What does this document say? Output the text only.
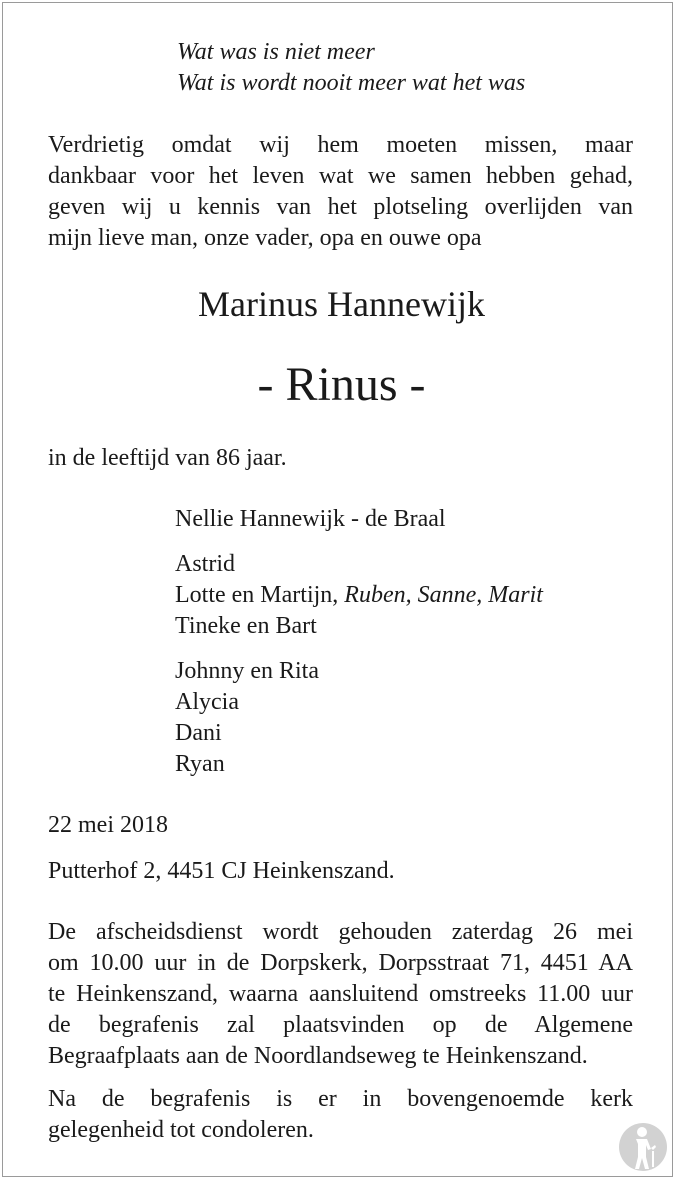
Wat was is niet meer
Wat is wordt nooit meer wat het was
Verdrietig omdat wij hem moeten missen, maar
dankbaar voor het leven wat we samen hebben gehad,
geven wij u kennis van het plotseling overlijden van
mijn lieve man, onze vader, opa en ouwe opa
Marinus Hannewijk
- Rinus -
in de leeftijd van 86 jaar.
Nellie Hannewijk - de Braal
Astrid
Lotte en Martijn, Ruben, Sanne, Marit
Tineke en Bart
Johnny en Rita
Alycia
Dani
Ryan
22 mei 2018
Putterhof 2, 4451 CJ Heinkenszand.
De afscheidsdienst wordt gehouden zaterdag 26 mei
om 10.00 uur in de Dorpskerk, Dorpsstraat 71, 4451 AA
te Heinkenszand, waarna aansluitend omstreeks 11.00 uur
de begrafenis zal plaatsvinden op de Algemene
Begraafplaats aan de Noordlandseweg te Heinkenszand.
Na de begrafenis is er in bovengenoemde kerk
gelegenheid tot condoleren.
